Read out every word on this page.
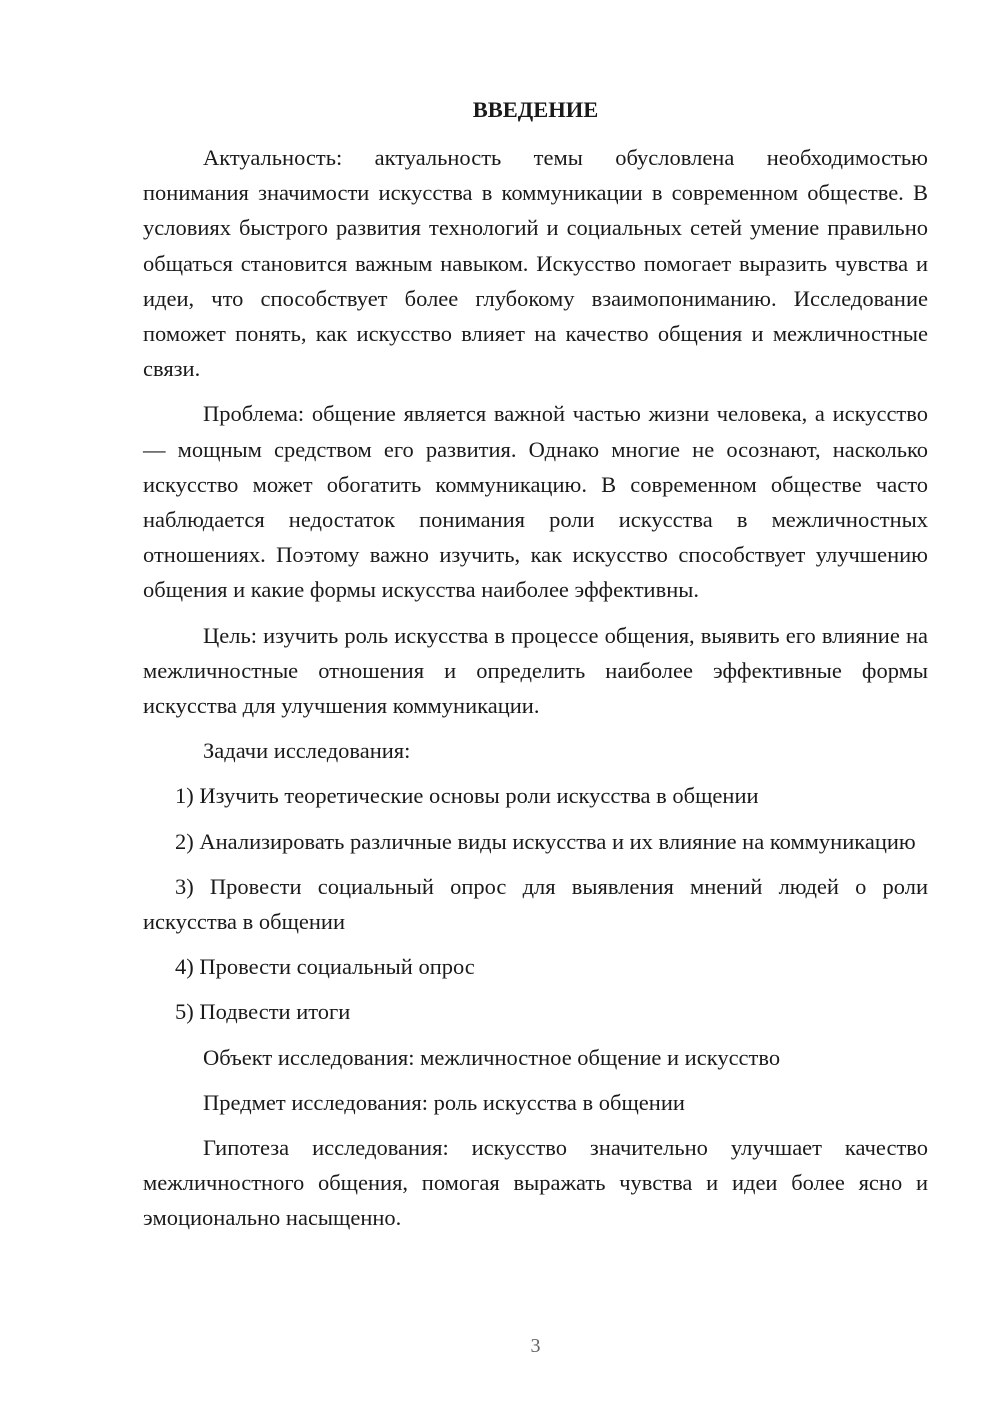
ВВЕДЕНИЕ

Актуальность: актуальность темы обусловлена необходимостью понимания значимости искусства в коммуникации в современном обществе. В условиях быстрого развития технологий и социальных сетей умение правильно общаться становится важным навыком. Искусство помогает выразить чувства и идеи, что способствует более глубокому взаимопониманию. Исследование поможет понять, как искусство влияет на качество общения и межличностные связи.

Проблема: общение является важной частью жизни человека, а искусство — мощным средством его развития. Однако многие не осознают, насколько искусство может обогатить коммуникацию. В современном обществе часто наблюдается недостаток понимания роли искусства в межличностных отношениях. Поэтому важно изучить, как искусство способствует улучшению общения и какие формы искусства наиболее эффективны.

Цель: изучить роль искусства в процессе общения, выявить его влияние на межличностные отношения и определить наиболее эффективные формы искусства для улучшения коммуникации.

Задачи исследования:

1) Изучить теоретические основы роли искусства в общении

2) Анализировать различные виды искусства и их влияние на коммуникацию

3) Провести социальный опрос для выявления мнений людей о роли искусства в общении

4) Провести социальный опрос

5) Подвести итоги

Объект исследования: межличностное общение и искусство

Предмет исследования: роль искусства в общении

Гипотеза исследования: искусство значительно улучшает качество межличностного общения, помогая выражать чувства и идеи более ясно и эмоционально насыщенно.

3
